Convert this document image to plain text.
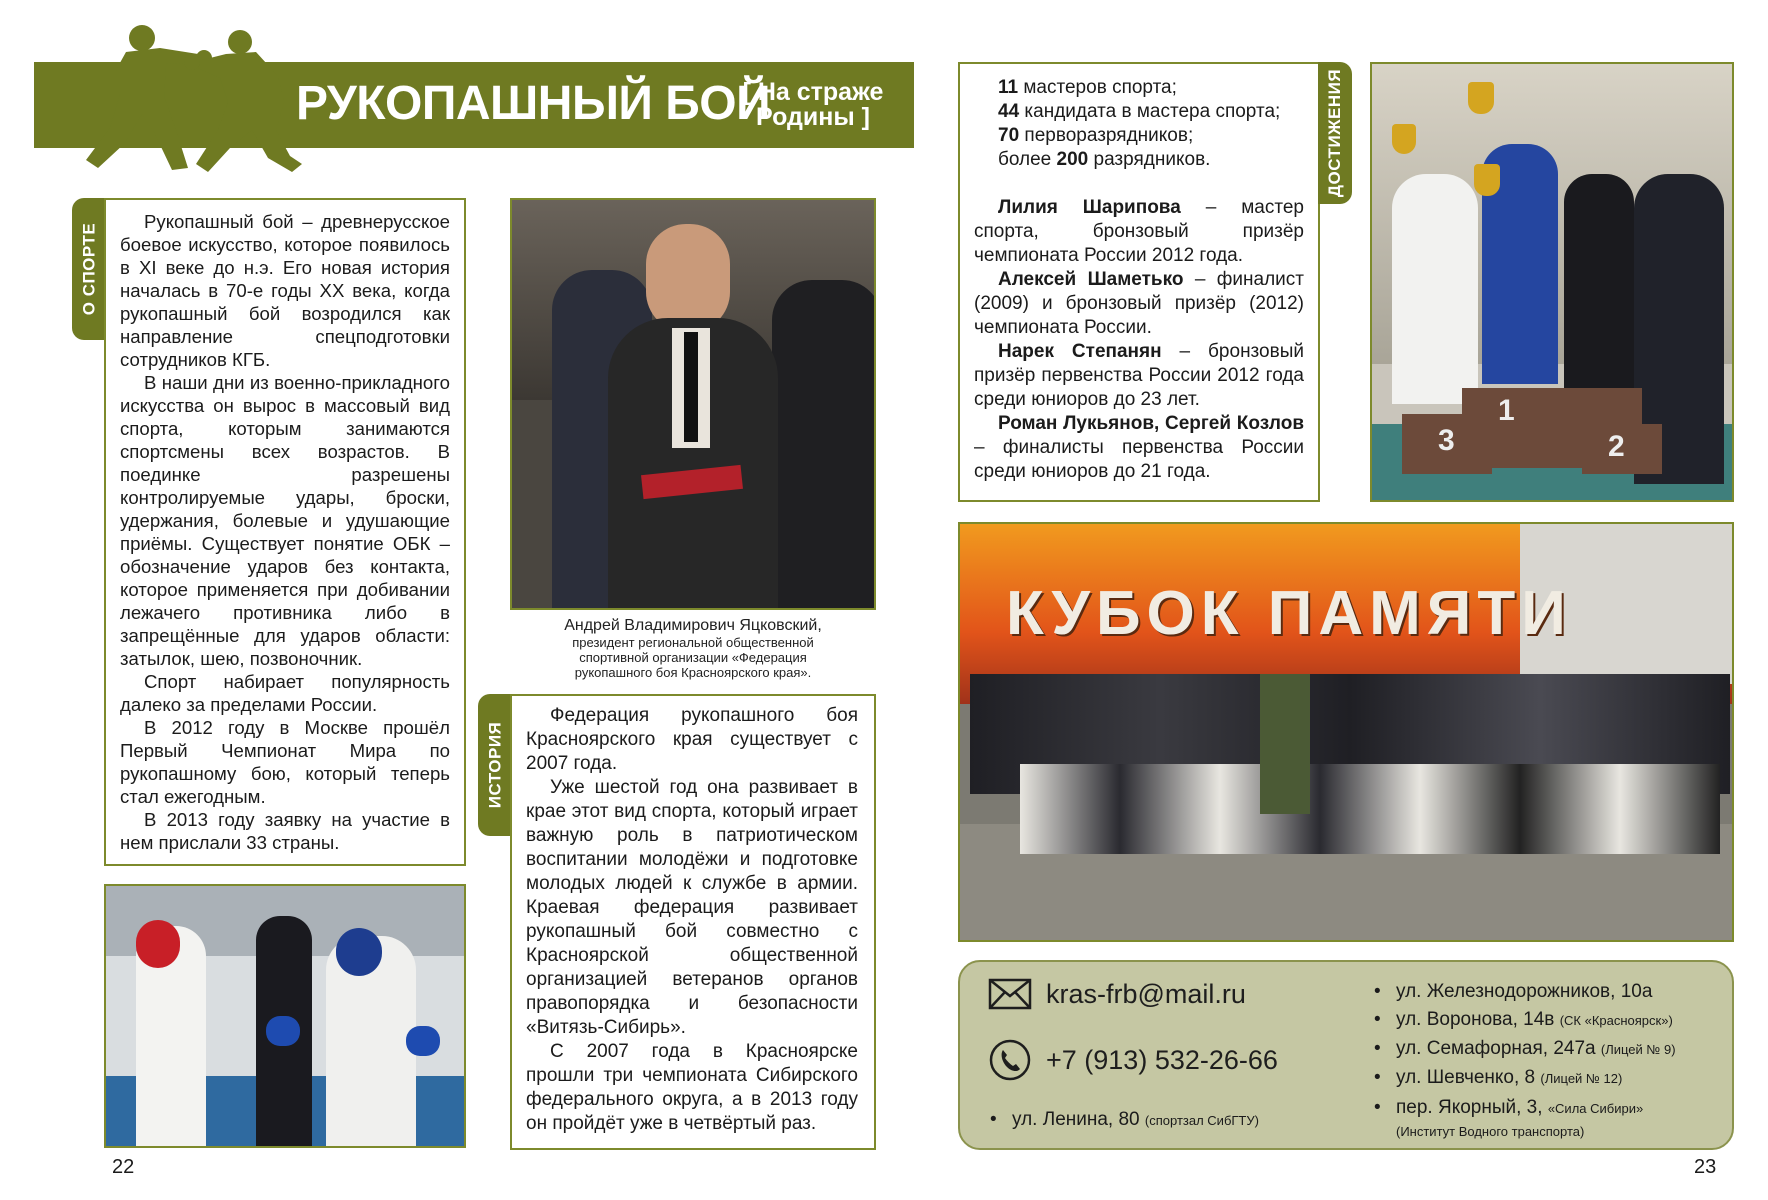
РУКОПАШНЫЙ БОЙ
[ На страже
Родины ]
О СПОРТЕ

Рукопашный бой – древнерусское боевое искусство, которое появилось в XI веке до н.э. Его новая история началась в 70-е годы XX века, когда рукопашный бой возродился как направление спецподготовки сотрудников КГБ.

В наши дни из военно-прикладного искусства он вырос в массовый вид спорта, которым занимаются спортсмены всех возрастов. В поединке разрешены контролируемые удары, броски, удержания, болевые и удушающие приёмы. Существует понятие ОБК – обозначение ударов без контакта, которое применяется при добивании лежачего противника либо в запрещённые для ударов области: затылок, шею, позвоночник.

Спорт набирает популярность далеко за пределами России.

В 2012 году в Москве прошёл Первый Чемпионат Мира по рукопашному бою, который теперь стал ежегодным.

В 2013 году заявку на участие в нем прислали 33 страны.

Андрей Владимирович Яцковский,
президент региональной общественной спортивной организации «Федерация рукопашного боя Красноярского края».
ИСТОРИЯ

Федерация рукопашного боя Красноярского края существует с 2007 года.

Уже шестой год она развивает в крае этот вид спорта, который играет важную роль в патриотическом воспитании молодёжи и подготовке молодых людей к службе в армии. Краевая федерация развивает рукопашный бой совместно с Красноярской общественной организацией ветеранов органов правопорядка и безопасности «Витязь-Сибирь».

С 2007 года в Красноярске прошли три чемпионата Сибирского федерального округа, а в 2013 году он пройдёт уже в четвёртый раз.

22
11 мастеров спорта;
44 кандидата в мастера спорта;
70 перворазрядников;
более 200 разрядников.

Лилия Шарипова – мастер спорта, бронзовый призёр чемпионата России 2012 года.

Алексей Шаметько – финалист (2009) и бронзовый призёр (2012) чемпионата России.

Нарек Степанян – бронзовый призёр первенства России 2012 года среди юниоров до 23 лет.

Роман Лукьянов, Сергей Козлов – финалисты первенства России среди юниоров до 21 года.

ДОСТИЖЕНИЯ
1
3	2
КУБОК ПАМЯТИ
kras-frb@mail.ru
+7 (913) 532-26-66
• ул. Ленина, 80 (спортзал СибГТУ)
• ул. Железнодорожников, 10а
• ул. Воронова, 14в (СК «Красноярск»)
• ул. Семафорная, 247а (Лицей № 9)
• ул. Шевченко, 8 (Лицей № 12)
• пер. Якорный, 3, «Сила Сибири»
(Институт Водного транспорта)
23
